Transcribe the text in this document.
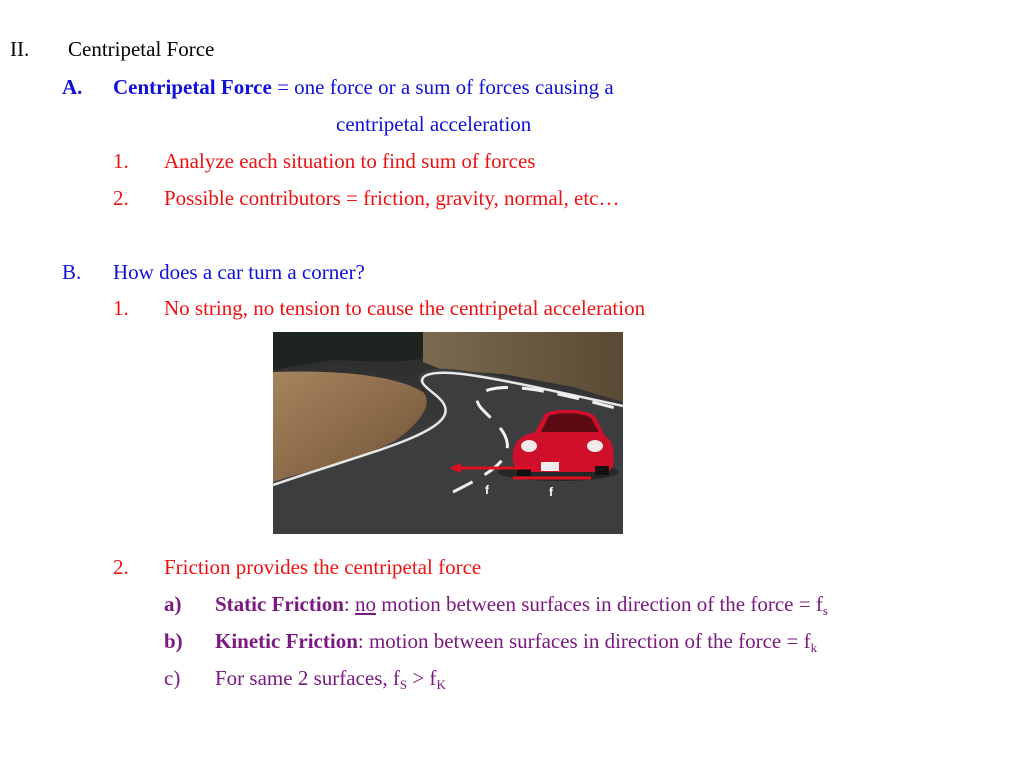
II. Centripetal Force
A. Centripetal Force = one force or a sum of forces causing a
centripetal acceleration
1. Analyze each situation to find sum of forces
2. Possible contributors = friction, gravity, normal, etc…
B. How does a car turn a corner?
1. No string, no tension to cause the centripetal acceleration
f	f
2. Friction provides the centripetal force
a) Static Friction: no motion between surfaces in direction of the force = $f_s$
b) Kinetic Friction: motion between surfaces in direction of the force = $f_k$
c) For same 2 surfaces, $f_S > f_K$
